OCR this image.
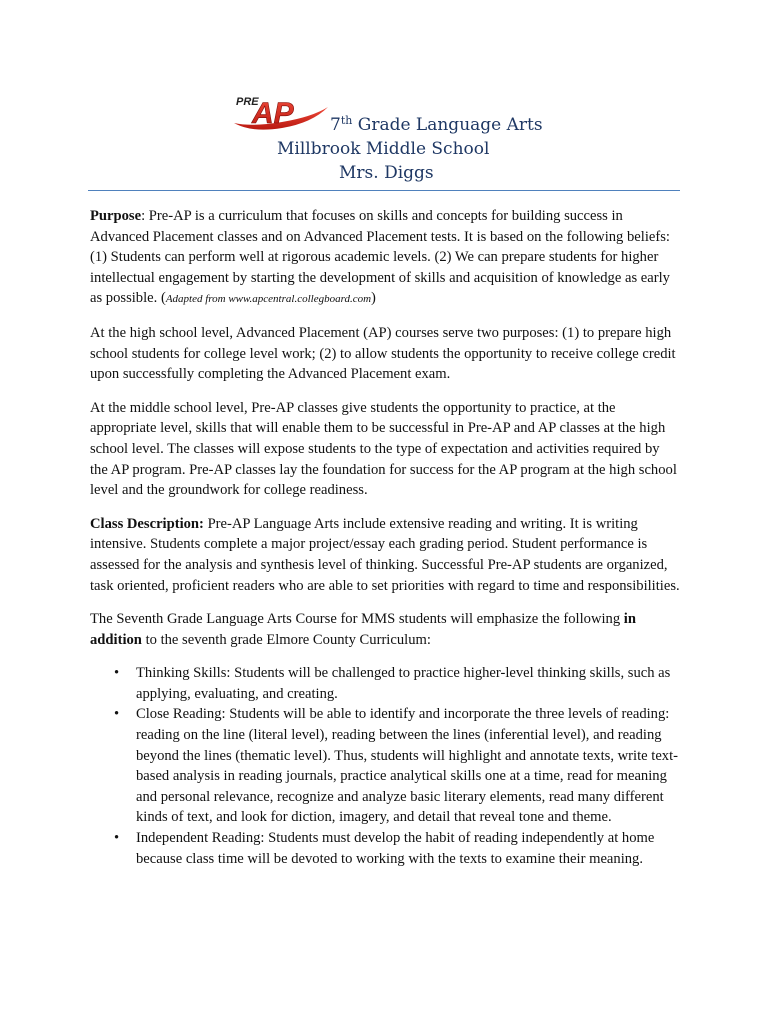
PRE
AP 7th Grade Language Arts
Millbrook Middle School
Mrs. Diggs

Purpose: Pre-AP is a curriculum that focuses on skills and concepts for building success in Advanced Placement classes and on Advanced Placement tests. It is based on the following beliefs: (1) Students can perform well at rigorous academic levels. (2) We can prepare students for higher intellectual engagement by starting the development of skills and acquisition of knowledge as early as possible. (Adapted from www.apcentral.collegboard.com)

At the high school level, Advanced Placement (AP) courses serve two purposes: (1) to prepare high school students for college level work; (2) to allow students the opportunity to receive college credit upon successfully completing the Advanced Placement exam.

At the middle school level, Pre-AP classes give students the opportunity to practice, at the appropriate level, skills that will enable them to be successful in Pre-AP and AP classes at the high school level. The classes will expose students to the type of expectation and activities required by the AP program. Pre-AP classes lay the foundation for success for the AP program at the high school level and the groundwork for college readiness.

Class Description: Pre-AP Language Arts include extensive reading and writing. It is writing intensive. Students complete a major project/essay each grading period. Student performance is assessed for the analysis and synthesis level of thinking. Successful Pre-AP students are organized, task oriented, proficient readers who are able to set priorities with regard to time and responsibilities.

The Seventh Grade Language Arts Course for MMS students will emphasize the following in addition to the seventh grade Elmore County Curriculum:

• Thinking Skills: Students will be challenged to practice higher-level thinking skills, such as applying, evaluating, and creating.
• Close Reading: Students will be able to identify and incorporate the three levels of reading: reading on the line (literal level), reading between the lines (inferential level), and reading beyond the lines (thematic level). Thus, students will highlight and annotate texts, write text-based analysis in reading journals, practice analytical skills one at a time, read for meaning and personal relevance, recognize and analyze basic literary elements, read many different kinds of text, and look for diction, imagery, and detail that reveal tone and theme.
• Independent Reading: Students must develop the habit of reading independently at home because class time will be devoted to working with the texts to examine their meaning.
